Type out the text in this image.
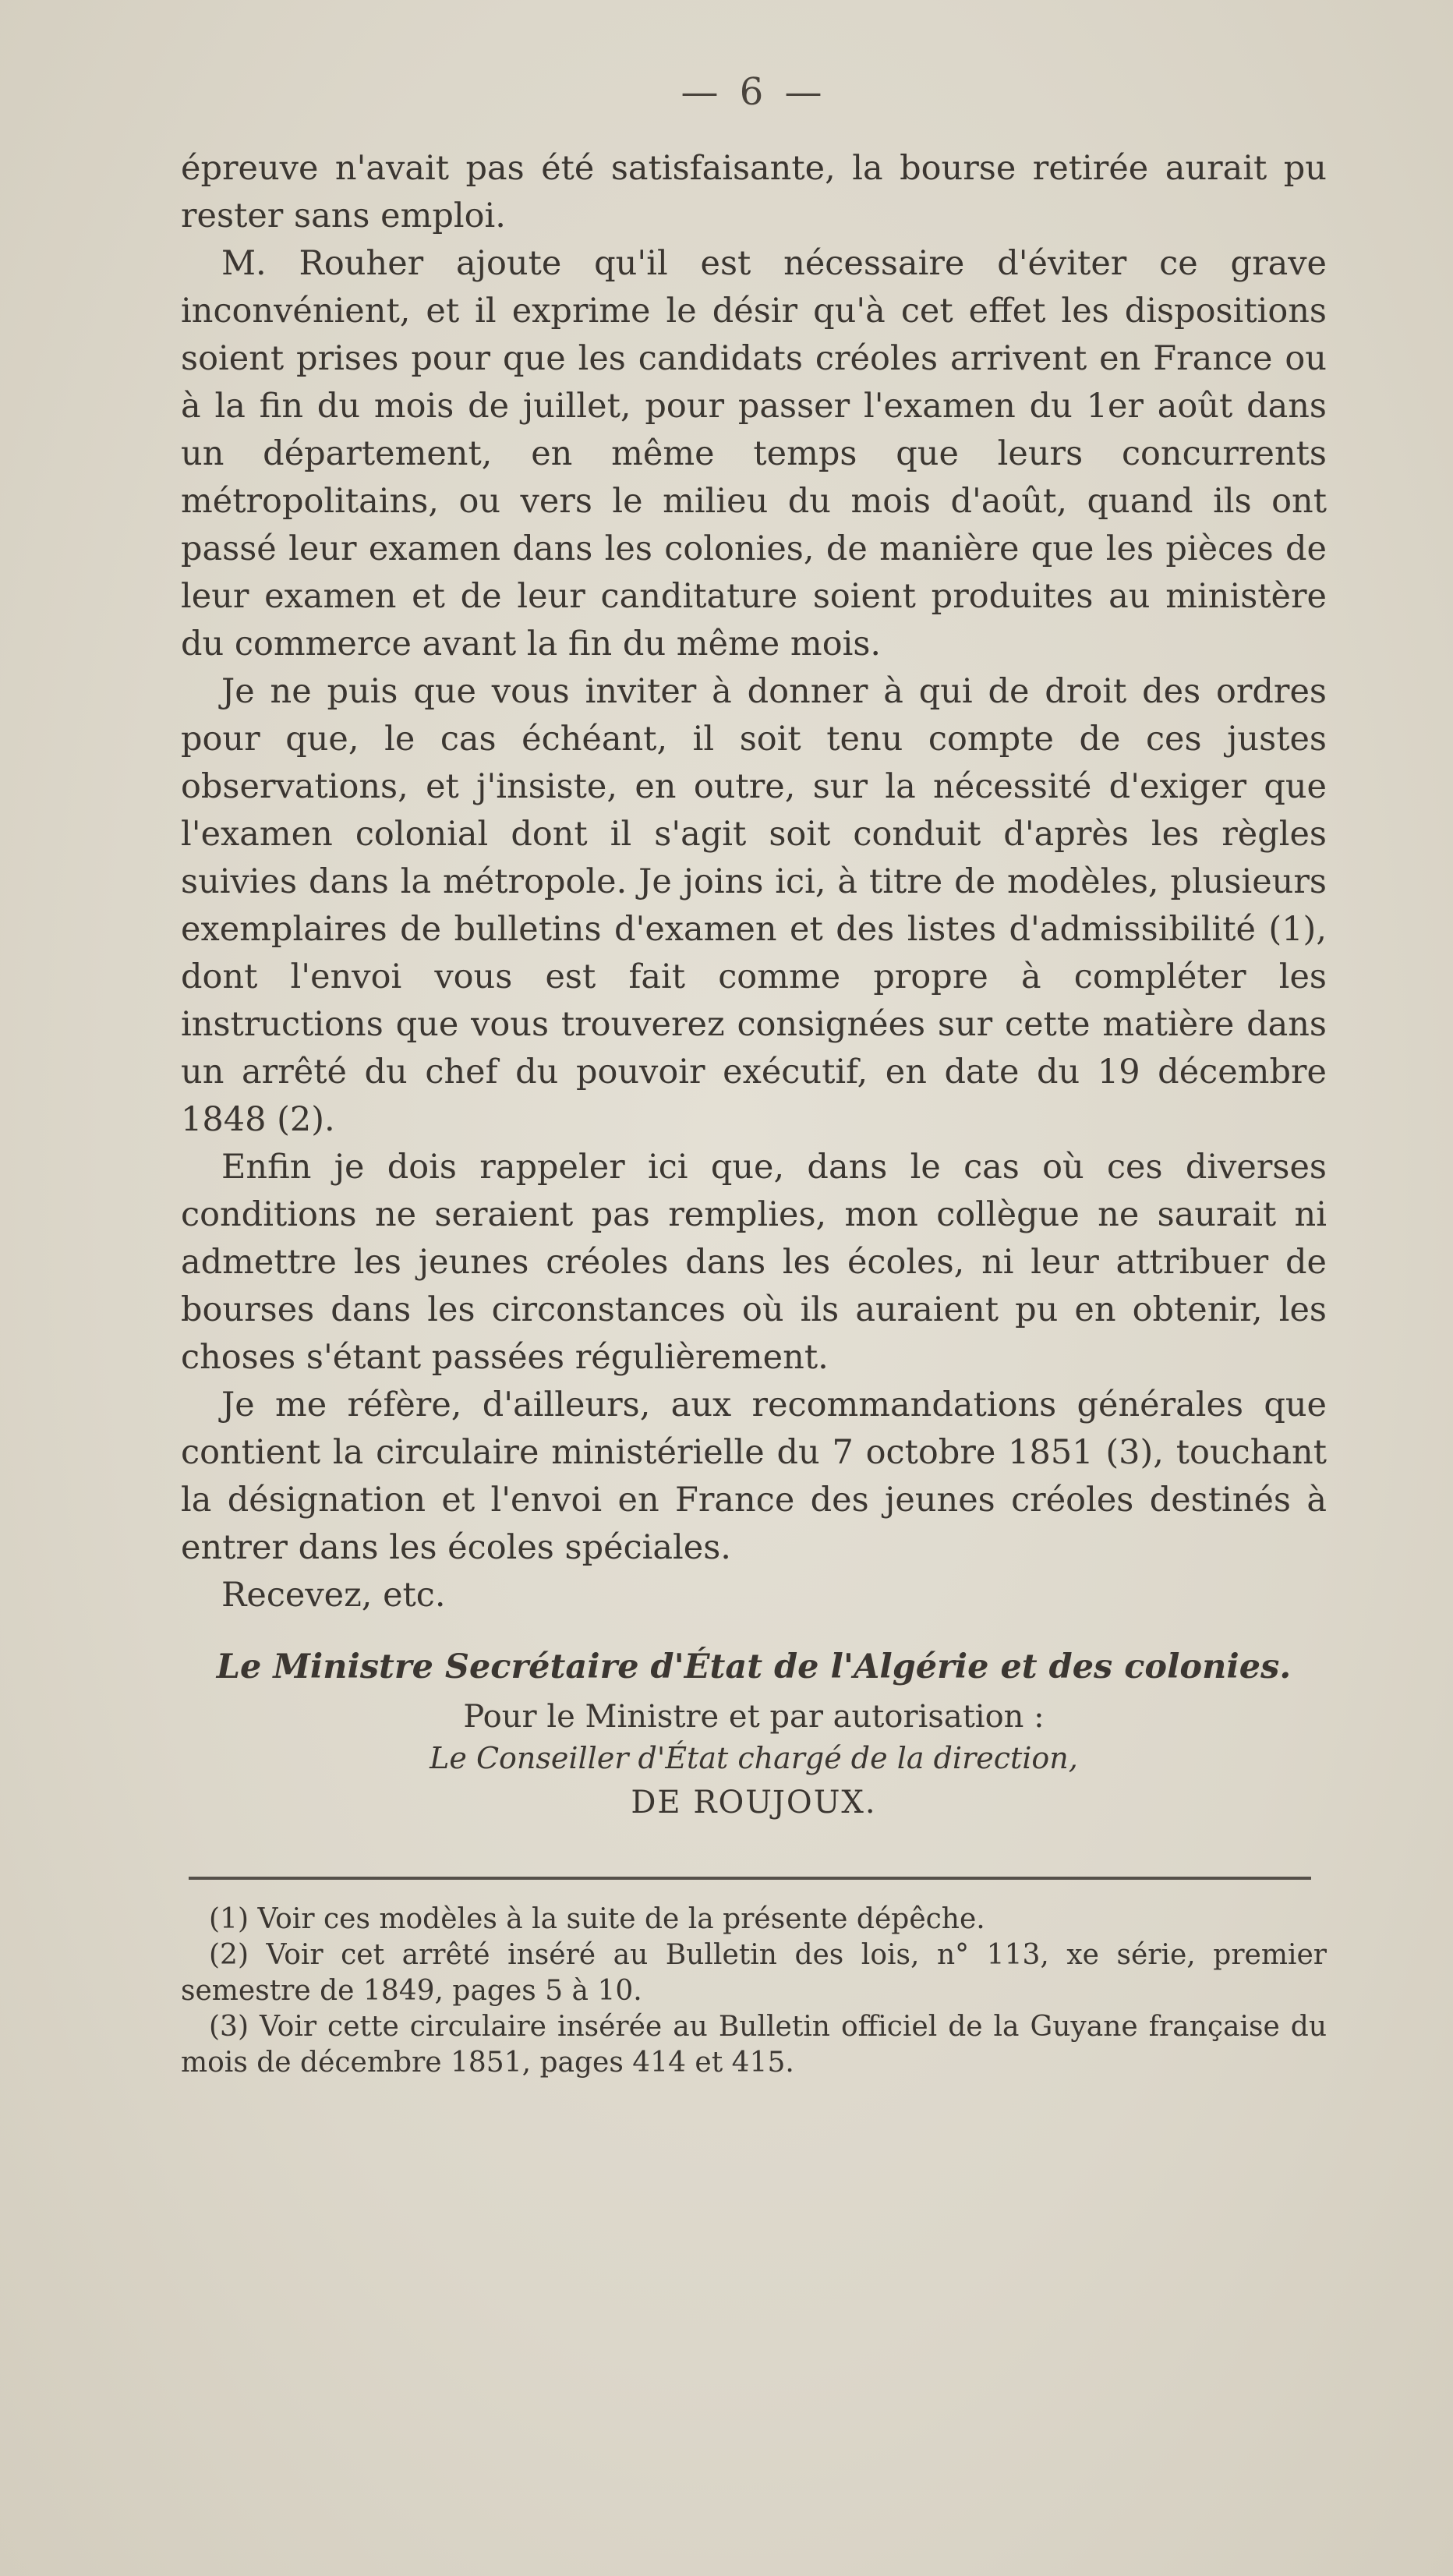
— 6 —

épreuve n'avait pas été satisfaisante, la bourse retirée aurait pu rester sans emploi.

M. Rouher ajoute qu'il est nécessaire d'éviter ce grave inconvénient, et il exprime le désir qu'à cet effet les dispositions soient prises pour que les candidats créoles arrivent en France ou à la fin du mois de juillet, pour passer l'examen du 1er août dans un département, en même temps que leurs concurrents métropolitains, ou vers le milieu du mois d'août, quand ils ont passé leur examen dans les colonies, de manière que les pièces de leur examen et de leur canditature soient produites au ministère du commerce avant la fin du même mois.

Je ne puis que vous inviter à donner à qui de droit des ordres pour que, le cas échéant, il soit tenu compte de ces justes observations, et j'insiste, en outre, sur la nécessité d'exiger que l'examen colonial dont il s'agit soit conduit d'après les règles suivies dans la métropole. Je joins ici, à titre de modèles, plusieurs exemplaires de bulletins d'examen et des listes d'admissibilité (1), dont l'envoi vous est fait comme propre à compléter les instructions que vous trouverez consignées sur cette matière dans un arrêté du chef du pouvoir exécutif, en date du 19 décembre 1848 (2).

Enfin je dois rappeler ici que, dans le cas où ces diverses conditions ne seraient pas remplies, mon collègue ne saurait ni admettre les jeunes créoles dans les écoles, ni leur attribuer de bourses dans les circonstances où ils auraient pu en obtenir, les choses s'étant passées régulièrement.

Je me réfère, d'ailleurs, aux recommandations générales que contient la circulaire ministérielle du 7 octobre 1851 (3), touchant la désignation et l'envoi en France des jeunes créoles destinés à entrer dans les écoles spéciales.

Recevez, etc.

Le Ministre Secrétaire d'État de l'Algérie et des colonies.
Pour le Ministre et par autorisation :
Le Conseiller d'État chargé de la direction,
DE ROUJOUX.

(1) Voir ces modèles à la suite de la présente dépêche.

(2) Voir cet arrêté inséré au Bulletin des lois, n° 113, xe série, premier semestre de 1849, pages 5 à 10.

(3) Voir cette circulaire insérée au Bulletin officiel de la Guyane française du mois de décembre 1851, pages 414 et 415.
